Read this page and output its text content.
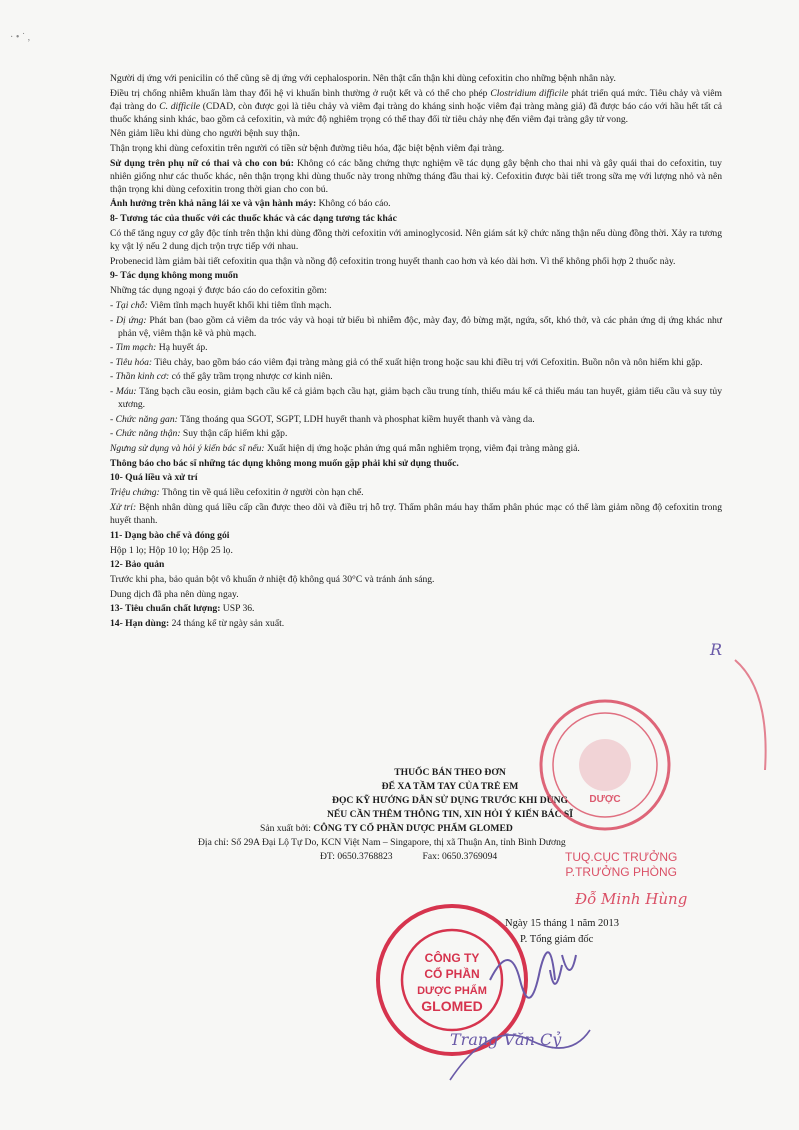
· • ˙ ,

Người dị ứng với penicilin có thể cũng sẽ dị ứng với cephalosporin. Nên thật cẩn thận khi dùng cefoxitin cho những bệnh nhân này.

Điều trị chống nhiễm khuẩn làm thay đổi hệ vi khuẩn bình thường ở ruột kết và có thể cho phép Clostridium difficile phát triển quá mức. Tiêu chảy và viêm đại tràng do C. difficile (CDAD, còn được gọi là tiêu chảy và viêm đại tràng do kháng sinh hoặc viêm đại tràng màng giả) đã được báo cáo với hầu hết tất cả thuốc kháng sinh khác, bao gồm cả cefoxitin, và mức độ nghiêm trọng có thể thay đổi từ tiêu chảy nhẹ đến viêm đại tràng gây tử vong.

Nên giảm liều khi dùng cho người bệnh suy thận.

Thận trọng khi dùng cefoxitin trên người có tiền sử bệnh đường tiêu hóa, đặc biệt bệnh viêm đại tràng.

Sử dụng trên phụ nữ có thai và cho con bú: Không có các bằng chứng thực nghiệm về tác dụng gây bệnh cho thai nhi và gây quái thai do cefoxitin, tuy nhiên giống như các thuốc khác, nên thận trọng khi dùng thuốc này trong những tháng đầu thai kỳ. Cefoxitin được bài tiết trong sữa mẹ với lượng nhỏ và nên thận trọng khi dùng cefoxitin trong thời gian cho con bú.

Ảnh hưởng trên khả năng lái xe và vận hành máy: Không có báo cáo.

8- Tương tác của thuốc với các thuốc khác và các dạng tương tác khác

Có thể tăng nguy cơ gây độc tính trên thận khi dùng đồng thời cefoxitin với aminoglycosid. Nên giám sát kỹ chức năng thận nếu dùng đồng thời. Xảy ra tương kỵ vật lý nếu 2 dung dịch trộn trực tiếp với nhau.

Probenecid làm giảm bài tiết cefoxitin qua thận và nồng độ cefoxitin trong huyết thanh cao hơn và kéo dài hơn. Vì thế không phối hợp 2 thuốc này.

9- Tác dụng không mong muốn

Những tác dụng ngoại ý được báo cáo do cefoxitin gồm:

- Tại chỗ: Viêm tĩnh mạch huyết khối khi tiêm tĩnh mạch.

- Dị ứng: Phát ban (bao gồm cả viêm da tróc vảy và hoại tử biểu bì nhiễm độc, mày đay, đỏ bừng mặt, ngứa, sốt, khó thở, và các phản ứng dị ứng khác như phản vệ, viêm thận kẽ và phù mạch.

- Tim mạch: Hạ huyết áp.

- Tiêu hóa: Tiêu chảy, bao gồm báo cáo viêm đại tràng màng giả có thể xuất hiện trong hoặc sau khi điều trị với Cefoxitin. Buồn nôn và nôn hiếm khi gặp.

- Thần kinh cơ: có thể gây trầm trọng nhược cơ kinh niên.

- Máu: Tăng bạch cầu eosin, giảm bạch cầu kể cả giảm bạch cầu hạt, giảm bạch cầu trung tính, thiếu máu kể cả thiếu máu tan huyết, giảm tiểu cầu và suy tủy xương.

- Chức năng gan: Tăng thoáng qua SGOT, SGPT, LDH huyết thanh và phosphat kiềm huyết thanh và vàng da.

- Chức năng thận: Suy thận cấp hiếm khi gặp.

Ngưng sử dụng và hỏi ý kiến bác sĩ nếu: Xuất hiện dị ứng hoặc phản ứng quá mẫn nghiêm trọng, viêm đại tràng màng giả.

Thông báo cho bác sĩ những tác dụng không mong muốn gặp phải khi sử dụng thuốc.

10- Quá liều và xử trí

Triệu chứng: Thông tin về quá liều cefoxitin ở người còn hạn chế.

Xử trí: Bệnh nhân dùng quá liều cấp cần được theo dõi và điều trị hỗ trợ. Thẩm phân máu hay thẩm phân phúc mạc có thể làm giảm nồng độ cefoxitin trong huyết thanh.

11- Dạng bào chế và đóng gói

Hộp 1 lọ; Hộp 10 lọ; Hộp 25 lọ.

12- Bảo quản

Trước khi pha, bảo quản bột vô khuẩn ở nhiệt độ không quá 30°C và tránh ánh sáng.

Dung dịch đã pha nên dùng ngay.

13- Tiêu chuẩn chất lượng: USP 36.

14- Hạn dùng: 24 tháng kể từ ngày sản xuất.

THUỐC BÁN THEO ĐƠN
ĐỂ XA TẦM TAY CỦA TRẺ EM
ĐỌC KỸ HƯỚNG DẪN SỬ DỤNG TRƯỚC KHI DÙNG
NẾU CẦN THÊM THÔNG TIN, XIN HỎI Ý KIẾN BÁC SĨ
Sản xuất bởi: CÔNG TY CỔ PHẦN DƯỢC PHẨM GLOMED
Địa chỉ: Số 29A Đại Lộ Tự Do, KCN Việt Nam – Singapore, thị xã Thuận An, tỉnh Bình Dương
ĐT: 0650.3768823	Fax: 0650.3769094
Ngày 15 tháng 1 năm 2013
P. Tổng giám đốc
DƯỢC
TUQ.CỤC TRƯỞNG
P.TRƯỞNG PHÒNG
CÔNG TY
CỔ PHẦN
DƯỢC PHẨM
GLOMED
Trang Văn Cỷ
Đỗ Minh Hùng
R
